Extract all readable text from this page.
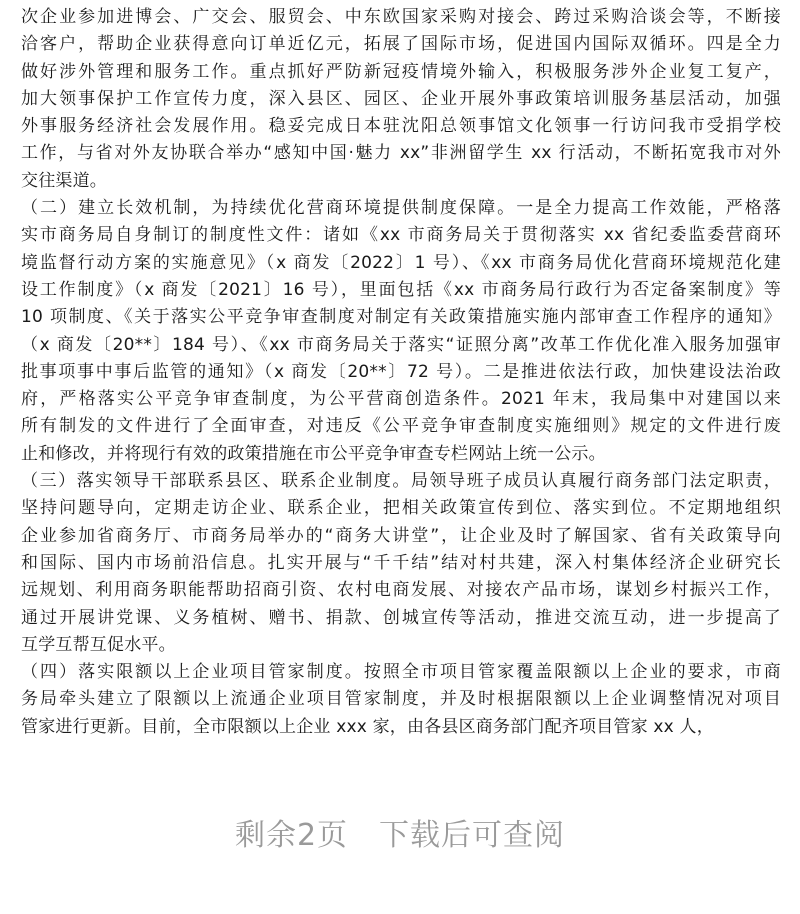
次企业参加进博会、广交会、服贸会、中东欧国家采购对接会、跨过采购洽谈会等，不断接
洽客户，帮助企业获得意向订单近亿元，拓展了国际市场，促进国内国际双循环。四是全力
做好涉外管理和服务工作。重点抓好严防新冠疫情境外输入，积极服务涉外企业复工复产，
加大领事保护工作宣传力度，深入县区、园区、企业开展外事政策培训服务基层活动，加强
外事服务经济社会发展作用。稳妥完成日本驻沈阳总领事馆文化领事一行访问我市受捐学校
工作，与省对外友协联合举办“感知中国·魅力 xx”非洲留学生 xx 行活动，不断拓宽我市对外
交往渠道。
（二）建立长效机制，为持续优化营商环境提供制度保障。一是全力提高工作效能，严格落
实市商务局自身制订的制度性文件：诸如《xx 市商务局关于贯彻落实 xx 省纪委监委营商环
境监督行动方案的实施意见》（x 商发〔2022〕1 号）、《xx 市商务局优化营商环境规范化建
设工作制度》（x 商发〔2021〕16 号），里面包括《xx 市商务局行政行为否定备案制度》等
10 项制度、《关于落实公平竞争审查制度对制定有关政策措施实施内部审查工作程序的通知》
（x 商发〔20**〕184 号）、《xx 市商务局关于落实“证照分离”改革工作优化准入服务加强审
批事项事中事后监管的通知》（x 商发〔20**〕72 号）。二是推进依法行政，加快建设法治政
府，严格落实公平竞争审查制度，为公平营商创造条件。2021 年末，我局集中对建国以来
所有制发的文件进行了全面审查，对违反《公平竞争审查制度实施细则》规定的文件进行废
止和修改，并将现行有效的政策措施在市公平竞争审查专栏网站上统一公示。
（三）落实领导干部联系县区、联系企业制度。局领导班子成员认真履行商务部门法定职责，
坚持问题导向，定期走访企业、联系企业，把相关政策宣传到位、落实到位。不定期地组织
企业参加省商务厅、市商务局举办的“商务大讲堂”，让企业及时了解国家、省有关政策导向
和国际、国内市场前沿信息。扎实开展与“千千结”结对村共建，深入村集体经济企业研究长
远规划、利用商务职能帮助招商引资、农村电商发展、对接农产品市场，谋划乡村振兴工作，
通过开展讲党课、义务植树、赠书、捐款、创城宣传等活动，推进交流互动，进一步提高了
互学互帮互促水平。
（四）落实限额以上企业项目管家制度。按照全市项目管家覆盖限额以上企业的要求，市商
务局牵头建立了限额以上流通企业项目管家制度，并及时根据限额以上企业调整情况对项目
管家进行更新。目前，全市限额以上企业 xxx 家，由各县区商务部门配齐项目管家 xx 人，
剩余2页　下载后可查阅
